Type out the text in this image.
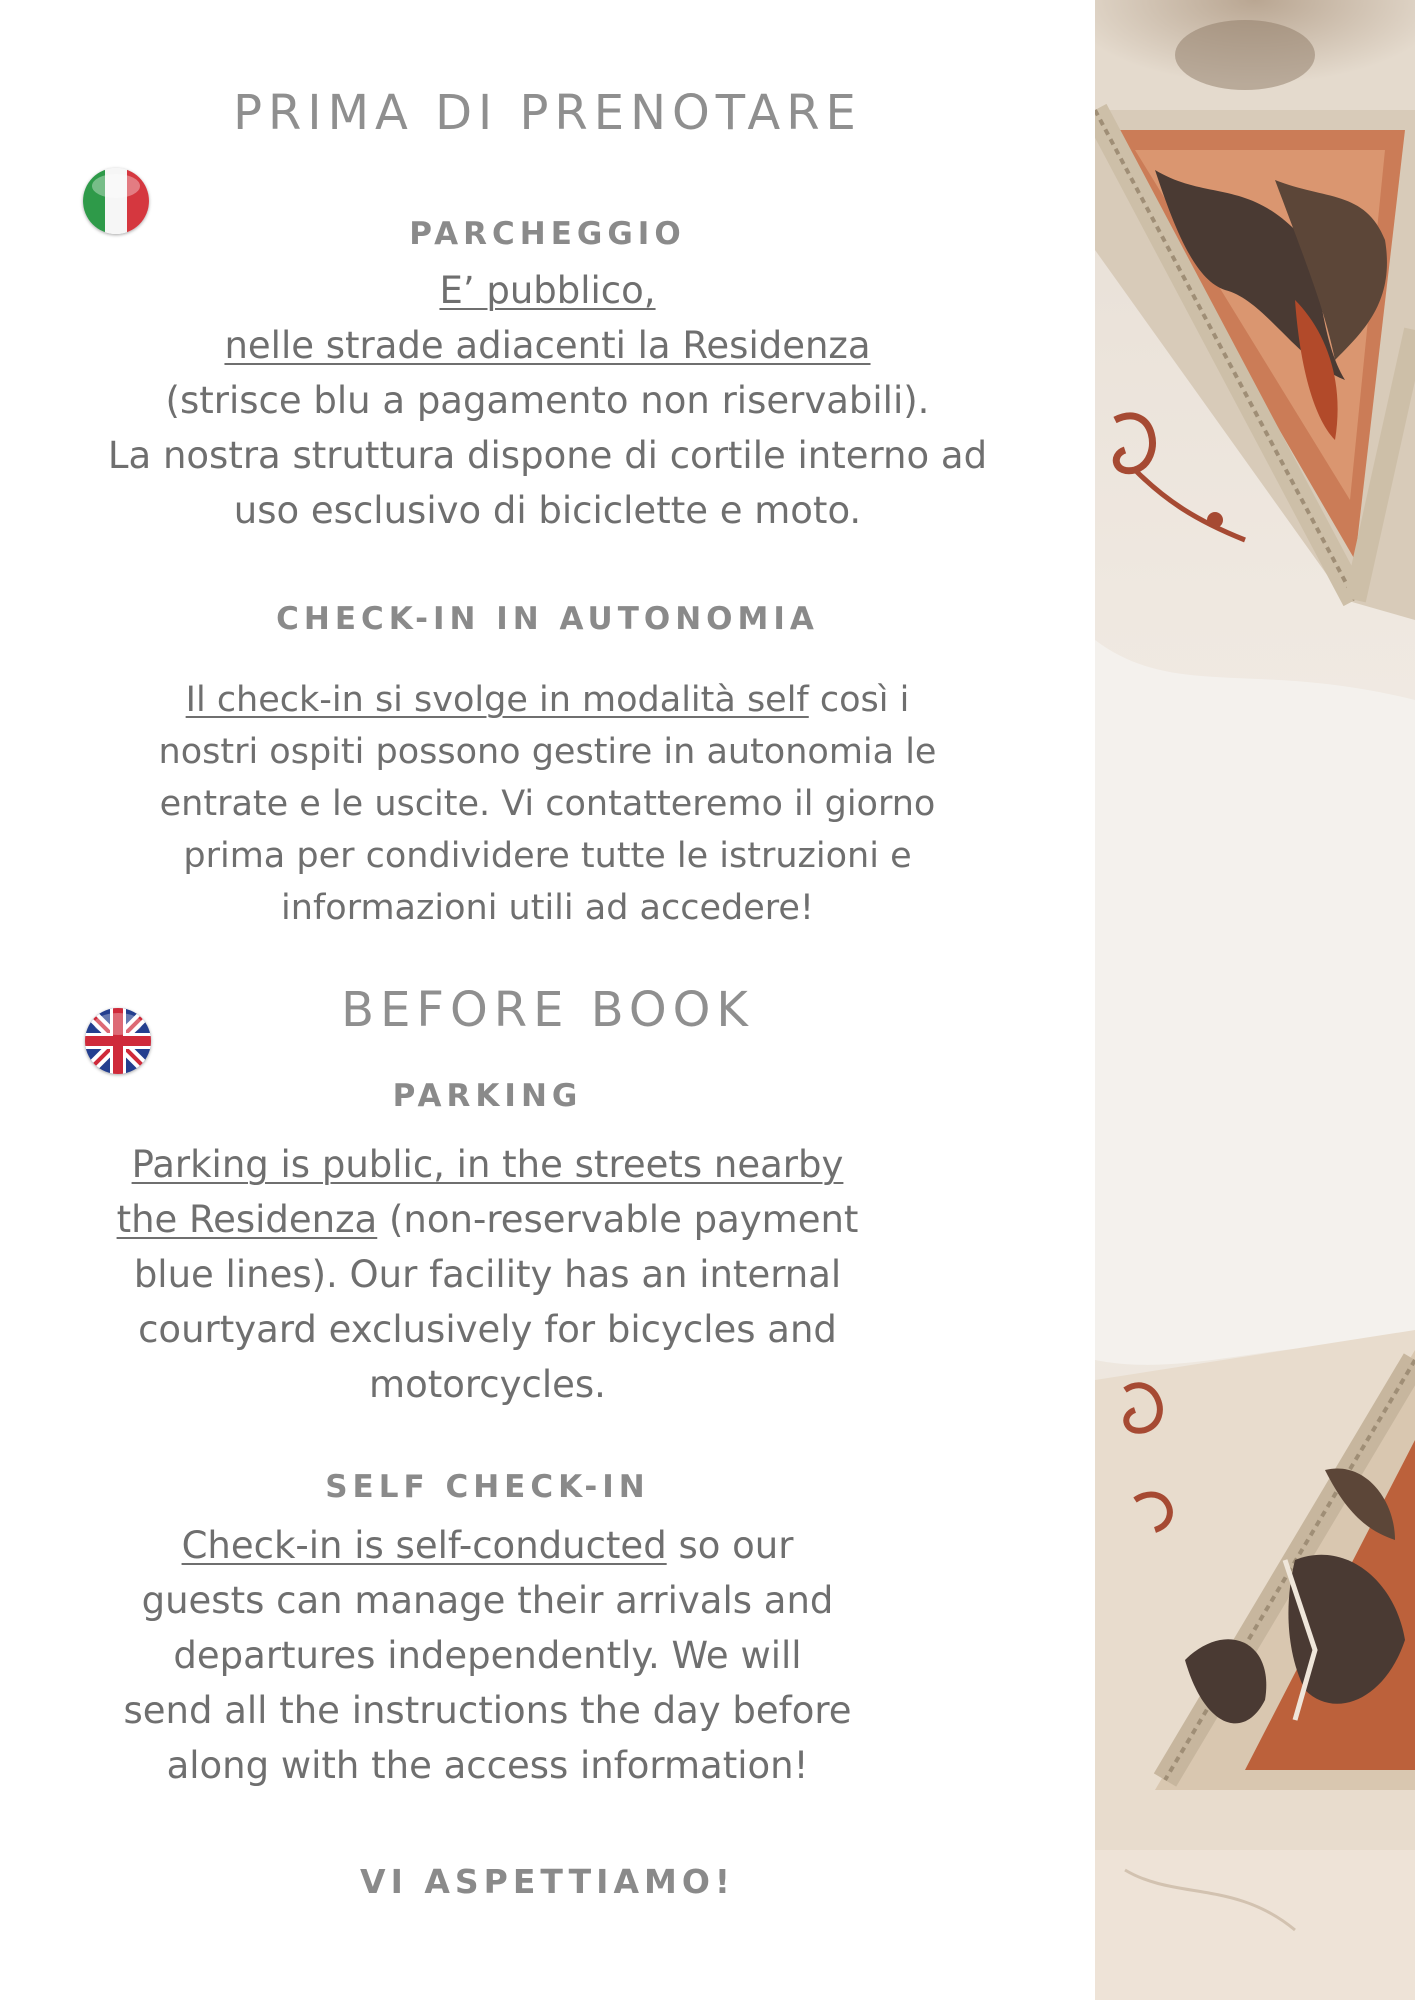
PRIMA DI PRENOTARE
PARCHEGGIO
E’ pubblico,
nelle strade adiacenti la Residenza
(strisce blu a pagamento non riservabili).
La nostra struttura dispone di cortile interno ad
uso esclusivo di biciclette e moto.
CHECK-IN IN AUTONOMIA
Il check-in si svolge in modalità self così i
nostri ospiti possono gestire in autonomia le
entrate e le uscite. Vi contatteremo il giorno
prima per condividere tutte le istruzioni e
informazioni utili ad accedere!
BEFORE BOOK
PARKING
Parking is public, in the streets nearby
the Residenza (non-reservable payment
blue lines). Our facility has an internal
courtyard exclusively for bicycles and
motorcycles.
SELF CHECK-IN
Check-in is self-conducted so our
guests can manage their arrivals and
departures independently. We will
send all the instructions the day before
along with the access information!
VI ASPETTIAMO!
